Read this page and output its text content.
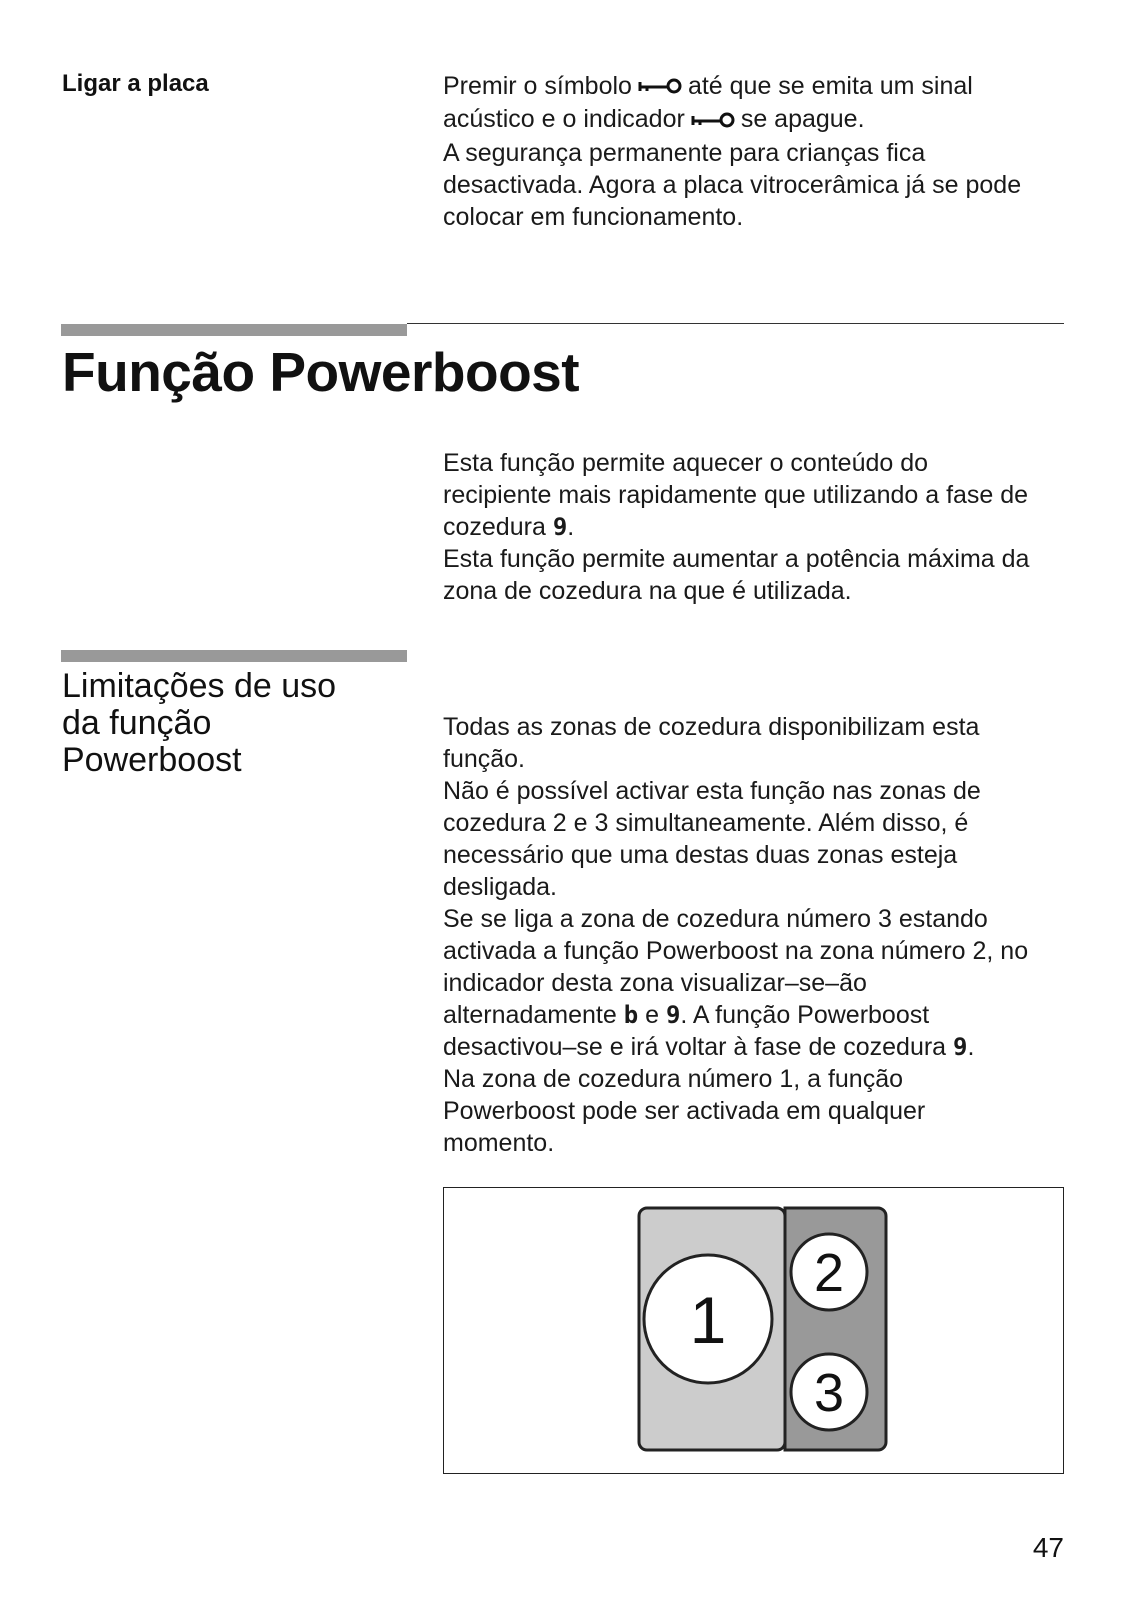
Ligar a placa	Premir o símbolo até que se emita um sinal

acústico e o indicador se apague.

A segurança permanente para crianças fica

desactivada. Agora a placa vitrocerâmica já se pode

colocar em funcionamento.

Função Powerboost

Esta função permite aquecer o conteúdo do

recipiente mais rapidamente que utilizando a fase de

cozedura 9.

Esta função permite aumentar a potência máxima da

zona de cozedura na que é utilizada.

Limitações de uso
da função
Powerboost

Todas as zonas de cozedura disponibilizam esta

função.

Não é possível activar esta função nas zonas de

cozedura 2 e 3 simultaneamente. Além disso, é

necessário que uma destas duas zonas esteja

desligada.

Se se liga a zona de cozedura número 3 estando

activada a função Powerboost na zona número 2, no

indicador desta zona visualizar–se–ão

alternadamente b e 9. A função Powerboost

desactivou–se e irá voltar à fase de cozedura 9.

Na zona de cozedura número 1, a função

Powerboost pode ser activada em qualquer

momento.

1
2
3
47
